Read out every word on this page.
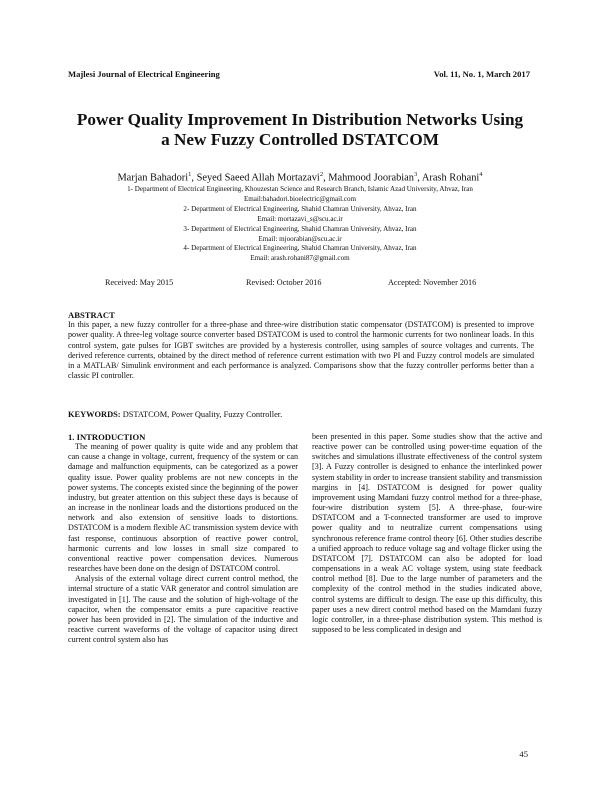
Majlesi Journal of Electrical Engineering	Vol. 11, No. 1, March 2017
Power Quality Improvement In Distribution Networks Using
a New Fuzzy Controlled DSTATCOM
Marjan Bahadori$^1$, Seyed Saeed Allah Mortazavi$^2$, Mahmood Joorabian$^3$, Arash Rohani$^4$
1- Department of Electrical Engineering, Khouzestan Science and Research Branch, Islamic Azad University, Ahvaz, Iran
Email:bahadori.bioelectric@gmail.com
2- Department of Electrical Engineering, Shahid Chamran University, Ahvaz, Iran
Email: mortazavi_s@scu.ac.ir
3- Department of Electrical Engineering, Shahid Chamran University, Ahvaz, Iran
Email: mjoorabian@scu.ac.ir
4- Department of Electrical Engineering, Shahid Chamran University, Ahvaz, Iran
Email: arash.rohani87@gmail.com
Received: May 2015	Revised: October 2016	Accepted: November 2016
ABSTRACT
In this paper, a new fuzzy controller for a three-phase and three-wire distribution static compensator (DSTATCOM) is presented to improve power quality. A three-leg voltage source converter based DSTATCOM is used to control the harmonic currents for two nonlinear loads. In this control system, gate pulses for IGBT switches are provided by a hysteresis controller, using samples of source voltages and currents. The derived reference currents, obtained by the direct method of reference current estimation with two PI and Fuzzy control models are simulated in a MATLAB/ Simulink environment and each performance is analyzed. Comparisons show that the fuzzy controller performs better than a classic PI controller.
KEYWORDS: DSTATCOM, Power Quality, Fuzzy Controller.
1. INTRODUCTION

The meaning of power quality is quite wide and any problem that can cause a change in voltage, current, frequency of the system or can damage and malfunction equipments, can be categorized as a power quality issue. Power quality problems are not new concepts in the power systems. The concepts existed since the beginning of the power industry, but greater attention on this subject these days is because of an increase in the nonlinear loads and the distortions produced on the network and also extension of sensitive loads to distortions. DSTATCOM is a modern flexible AC transmission system device with fast response, continuous absorption of reactive power control, harmonic currents and low losses in small size compared to conventional reactive power compensation devices. Numerous researches have been done on the design of DSTATCOM control.

Analysis of the external voltage direct current control method, the internal structure of a static VAR generator and control simulation are investigated in [1]. The cause and the solution of high-voltage of the capacitor, when the compensator emits a pure capacitive reactive power has been provided in [2]. The simulation of the inductive and reactive current waveforms of the voltage of capacitor using direct current control system also has

been presented in this paper. Some studies show that the active and reactive power can be controlled using power-time equation of the switches and simulations illustrate effectiveness of the control system [3]. A Fuzzy controller is designed to enhance the interlinked power system stability in order to increase transient stability and transmission margins in [4]. DSTATCOM is designed for power quality improvement using Mamdani fuzzy control method for a three-phase, four-wire distribution system [5]. A three-phase, four-wire DSTATCOM and a T-connected transformer are used to improve power quality and to neutralize current compensations using synchronous reference frame control theory [6]. Other studies describe a unified approach to reduce voltage sag and voltage flicker using the DSTATCOM [7]. DSTATCOM can also be adopted for load compensations in a weak AC voltage system, using state feedback control method [8]. Due to the large number of parameters and the complexity of the control method in the studies indicated above, control systems are difficult to design. The ease up this difficulty, this paper uses a new direct control method based on the Mamdani fuzzy logic controller, in a three-phase distribution system. This method is supposed to be less complicated in design and

45
